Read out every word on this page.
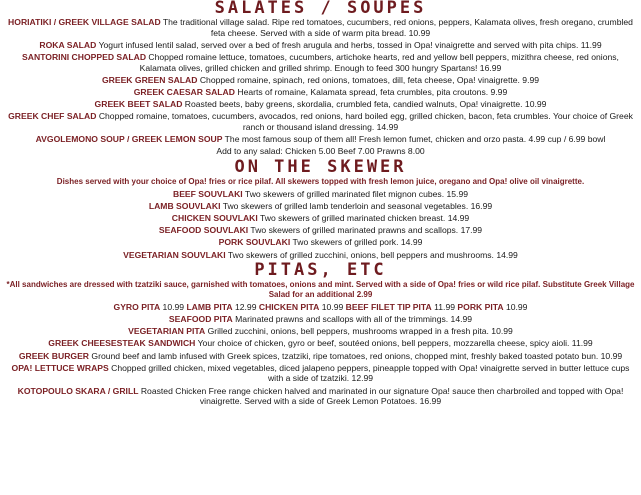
SALATES / SOUPES

HORIATIKI / GREEK VILLAGE SALAD The traditional village salad. Ripe red tomatoes, cucumbers, red onions, peppers, Kalamata olives, fresh oregano, crumbled feta cheese. Served with a side of warm pita bread. 10.99

ROKA SALAD Yogurt infused lentil salad, served over a bed of fresh arugula and herbs, tossed in Opa! vinaigrette and served with pita chips. 11.99

SANTORINI CHOPPED SALAD Chopped romaine lettuce, tomatoes, cucumbers, artichoke hearts, red and yellow bell peppers, mizithra cheese, red onions, Kalamata olives, grilled chicken and grilled shrimp. Enough to feed 300 hungry Spartans! 16.99

GREEK GREEN SALAD Chopped romaine, spinach, red onions, tomatoes, dill, feta cheese, Opa! vinaigrette. 9.99

GREEK CAESAR SALAD Hearts of romaine, Kalamata spread, feta crumbles, pita croutons. 9.99

GREEK BEET SALAD Roasted beets, baby greens, skordalia, crumbled feta, candied walnuts, Opa! vinaigrette. 10.99

GREEK CHEF SALAD Chopped romaine, tomatoes, cucumbers, avocados, red onions, hard boiled egg, grilled chicken, bacon, feta crumbles. Your choice of Greek ranch or thousand island dressing. 14.99

AVGOLEMONO SOUP / GREEK LEMON SOUP The most famous soup of them all! Fresh lemon fumet, chicken and orzo pasta. 4.99 cup / 6.99 bowl

Add to any salad: Chicken 5.00 Beef 7.00 Prawns 8.00

ON THE SKEWER

Dishes served with your choice of Opa! fries or rice pilaf. All skewers topped with fresh lemon juice, oregano and Opa! olive oil vinaigrette.

BEEF SOUVLAKI Two skewers of grilled marinated filet mignon cubes. 15.99

LAMB SOUVLAKI Two skewers of grilled lamb tenderloin and seasonal vegetables. 16.99

CHICKEN SOUVLAKI Two skewers of grilled marinated chicken breast. 14.99

SEAFOOD SOUVLAKI Two skewers of grilled marinated prawns and scallops. 17.99

PORK SOUVLAKI Two skewers of grilled pork. 14.99

VEGETARIAN SOUVLAKI Two skewers of grilled zucchini, onions, bell peppers and mushrooms. 14.99

PITAS, ETC

*All sandwiches are dressed with tzatziki sauce, garnished with tomatoes, onions and mint. Served with a side of Opa! fries or wild rice pilaf. Substitute Greek Village Salad for an additional 2.99

GYRO PITA 10.99 LAMB PITA 12.99 CHICKEN PITA 10.99 BEEF FILET TIP PITA 11.99 PORK PITA 10.99

SEAFOOD PITA Marinated prawns and scallops with all of the trimmings. 14.99

VEGETARIAN PITA Grilled zucchini, onions, bell peppers, mushrooms wrapped in a fresh pita. 10.99

GREEK CHEESESTEAK SANDWICH Your choice of chicken, gyro or beef, soutéed onions, bell peppers, mozzarella cheese, spicy aioli. 11.99

GREEK BURGER Ground beef and lamb infused with Greek spices, tzatziki, ripe tomatoes, red onions, chopped mint, freshly baked toasted potato bun. 10.99

OPA! LETTUCE WRAPS Chopped grilled chicken, mixed vegetables, diced jalapeno peppers, pineapple topped with Opa! vinaigrette served in butter lettuce cups with a side of tzatziki. 12.99

KOTOPOULO SKARA / GRILL Roasted Chicken Free range chicken halved and marinated in our signature Opa! sauce then charbroiled and topped with Opa! vinaigrette. Served with a side of Greek Lemon Potatoes. 16.99
